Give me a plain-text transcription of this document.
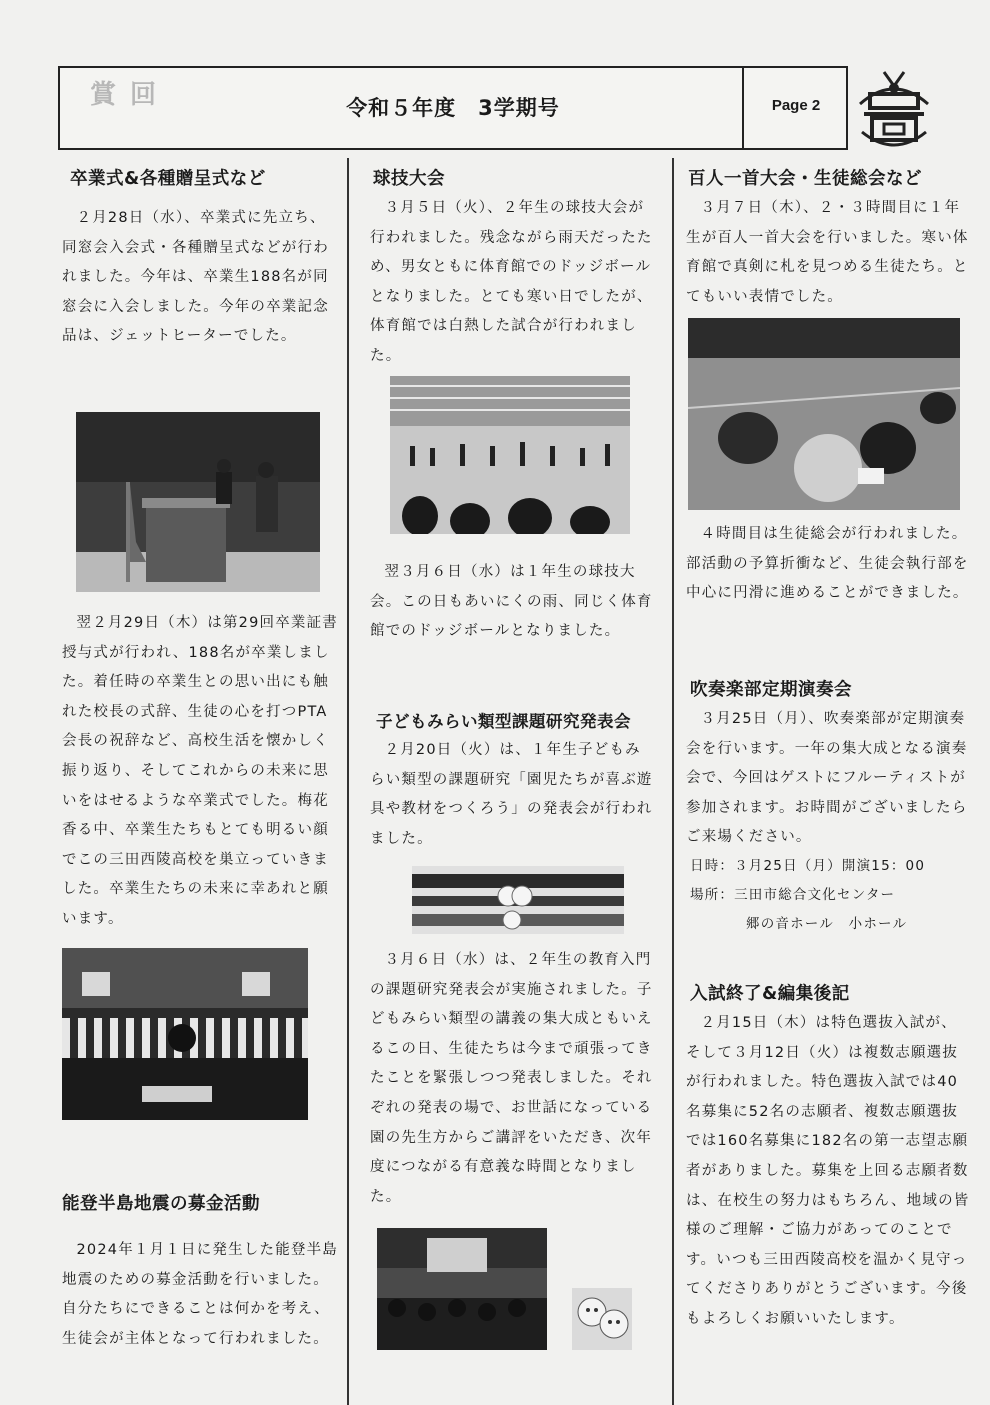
賞回	令和５年度　3学期号	Page 2
卒業式&各種贈呈式など

２月28日（水）、卒業式に先立ち、同窓会入会式・各種贈呈式などが行われました。今年は、卒業生188名が同窓会に入会しました。今年の卒業記念品は、ジェットヒーターでした。

翌２月29日（木）は第29回卒業証書授与式が行われ、188名が卒業しました。着任時の卒業生との思い出にも触れた校長の式辞、生徒の心を打つPTA会長の祝辞など、高校生活を懐かしく振り返り、そしてこれからの未来に思いをはせるような卒業式でした。梅花香る中、卒業生たちもとても明るい顔でこの三田西陵高校を巣立っていきました。卒業生たちの未来に幸あれと願います。

能登半島地震の募金活動

2024年１月１日に発生した能登半島地震のための募金活動を行いました。自分たちにできることは何かを考え、生徒会が主体となって行われました。

球技大会

３月５日（火）、２年生の球技大会が行われました。残念ながら雨天だったため、男女ともに体育館でのドッジボールとなりました。とても寒い日でしたが、体育館では白熱した試合が行われました。

翌３月６日（水）は１年生の球技大会。この日もあいにくの雨、同じく体育館でのドッジボールとなりました。

子どもみらい類型課題研究発表会

２月20日（火）は、１年生子どもみらい類型の課題研究「園児たちが喜ぶ遊具や教材をつくろう」の発表会が行われました。

３月６日（水）は、２年生の教育入門の課題研究発表会が実施されました。子どもみらい類型の講義の集大成ともいえるこの日、生徒たちは今まで頑張ってきたことを緊張しつつ発表しました。それぞれの発表の場で、お世話になっている園の先生方からご講評をいただき、次年度につながる有意義な時間となりました。

百人一首大会・生徒総会など

３月７日（木）、２・３時間目に１年生が百人一首大会を行いました。寒い体育館で真剣に札を見つめる生徒たち。とてもいい表情でした。

４時間目は生徒総会が行われました。部活動の予算折衝など、生徒会執行部を中心に円滑に進めることができました。

吹奏楽部定期演奏会

３月25日（月）、吹奏楽部が定期演奏会を行います。一年の集大成となる演奏会で、今回はゲストにフルーティストが参加されます。お時間がございましたらご来場ください。

日時：３月25日（月）開演15：00
場所：三田市総合文化センター
郷の音ホール　小ホール
入試終了&編集後記

２月15日（木）は特色選抜入試が、そして３月12日（火）は複数志願選抜が行われました。特色選抜入試では40名募集に52名の志願者、複数志願選抜では160名募集に182名の第一志望志願者がありました。募集を上回る志願者数は、在校生の努力はもちろん、地域の皆様のご理解・ご協力があってのことです。いつも三田西陵高校を温かく見守ってくださりありがとうございます。今後もよろしくお願いいたします。
